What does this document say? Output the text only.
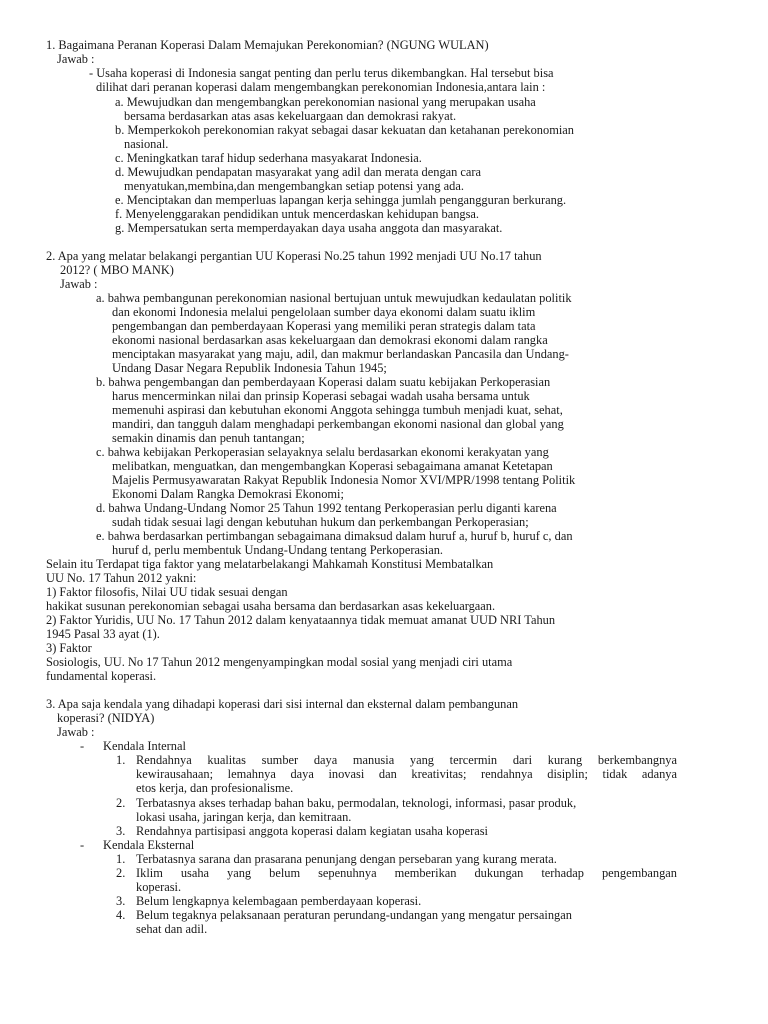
1. Bagaimana Peranan Koperasi Dalam Memajukan Perekonomian? (NGUNG WULAN)
Jawab :
- Usaha koperasi di Indonesia sangat penting dan perlu terus dikembangkan. Hal tersebut bisa
dilihat dari peranan koperasi dalam mengembangkan perekonomian Indonesia,antara lain :
a. Mewujudkan dan mengembangkan perekonomian nasional yang merupakan usaha
bersama berdasarkan atas asas kekeluargaan dan demokrasi rakyat.
b. Memperkokoh perekonomian rakyat sebagai dasar kekuatan dan ketahanan perekonomian
nasional.
c. Meningkatkan taraf hidup sederhana masyakarat Indonesia.
d. Mewujudkan pendapatan masyarakat yang adil dan merata dengan cara
menyatukan,membina,dan mengembangkan setiap potensi yang ada.
e. Menciptakan dan memperluas lapangan kerja sehingga jumlah pengangguran berkurang.
f. Menyelenggarakan pendidikan untuk mencerdaskan kehidupan bangsa.
g. Mempersatukan serta memperdayakan daya usaha anggota dan masyarakat.
2. Apa yang melatar belakangi pergantian UU Koperasi No.25 tahun 1992 menjadi UU No.17 tahun
2012? ( MBO MANK)
Jawab :
a. bahwa pembangunan perekonomian nasional bertujuan untuk mewujudkan kedaulatan politik
dan ekonomi Indonesia melalui pengelolaan sumber daya ekonomi dalam suatu iklim
pengembangan dan pemberdayaan Koperasi yang memiliki peran strategis dalam tata
ekonomi nasional berdasarkan asas kekeluargaan dan demokrasi ekonomi dalam rangka
menciptakan masyarakat yang maju, adil, dan makmur berlandaskan Pancasila dan Undang-
Undang Dasar Negara Republik Indonesia Tahun 1945;
b. bahwa pengembangan dan pemberdayaan Koperasi dalam suatu kebijakan Perkoperasian
harus mencerminkan nilai dan prinsip Koperasi sebagai wadah usaha bersama untuk
memenuhi aspirasi dan kebutuhan ekonomi Anggota sehingga tumbuh menjadi kuat, sehat,
mandiri, dan tangguh dalam menghadapi perkembangan ekonomi nasional dan global yang
semakin dinamis dan penuh tantangan;
c. bahwa kebijakan Perkoperasian selayaknya selalu berdasarkan ekonomi kerakyatan yang
melibatkan, menguatkan, dan mengembangkan Koperasi sebagaimana amanat Ketetapan
Majelis Permusyawaratan Rakyat Republik Indonesia Nomor XVI/MPR/1998 tentang Politik
Ekonomi Dalam Rangka Demokrasi Ekonomi;
d. bahwa Undang-Undang Nomor 25 Tahun 1992 tentang Perkoperasian perlu diganti karena
sudah tidak sesuai lagi dengan kebutuhan hukum dan perkembangan Perkoperasian;
e. bahwa berdasarkan pertimbangan sebagaimana dimaksud dalam huruf a, huruf b, huruf c, dan
huruf d, perlu membentuk Undang-Undang tentang Perkoperasian.
Selain itu Terdapat tiga faktor yang melatarbelakangi Mahkamah Konstitusi Membatalkan
UU No. 17 Tahun 2012 yakni:
1) Faktor filosofis, Nilai UU tidak sesuai dengan
hakikat susunan perekonomian sebagai usaha bersama dan berdasarkan asas kekeluargaan.
2) Faktor Yuridis, UU No. 17 Tahun 2012 dalam kenyataannya tidak memuat amanat UUD NRI Tahun
1945 Pasal 33 ayat (1).
3) Faktor
Sosiologis, UU. No 17 Tahun 2012 mengenyampingkan modal sosial yang menjadi ciri utama
fundamental koperasi.
3. Apa saja kendala yang dihadapi koperasi dari sisi internal dan eksternal dalam pembangunan
koperasi? (NIDYA)
Jawab :
- Kendala Internal
1. Rendahnya kualitas sumber daya manusia yang tercermin dari kurang berkembangnya
kewirausahaan; lemahnya daya inovasi dan kreativitas; rendahnya disiplin; tidak adanya
etos kerja, dan profesionalisme.
2. Terbatasnya akses terhadap bahan baku, permodalan, teknologi, informasi, pasar produk,
lokasi usaha, jaringan kerja, dan kemitraan.
3. Rendahnya partisipasi anggota koperasi dalam kegiatan usaha koperasi
- Kendala Eksternal
1. Terbatasnya sarana dan prasarana penunjang dengan persebaran yang kurang merata.
2. Iklim usaha yang belum sepenuhnya memberikan dukungan terhadap pengembangan
koperasi.
3. Belum lengkapnya kelembagaan pemberdayaan koperasi.
4. Belum tegaknya pelaksanaan peraturan perundang-undangan yang mengatur persaingan
sehat dan adil.
